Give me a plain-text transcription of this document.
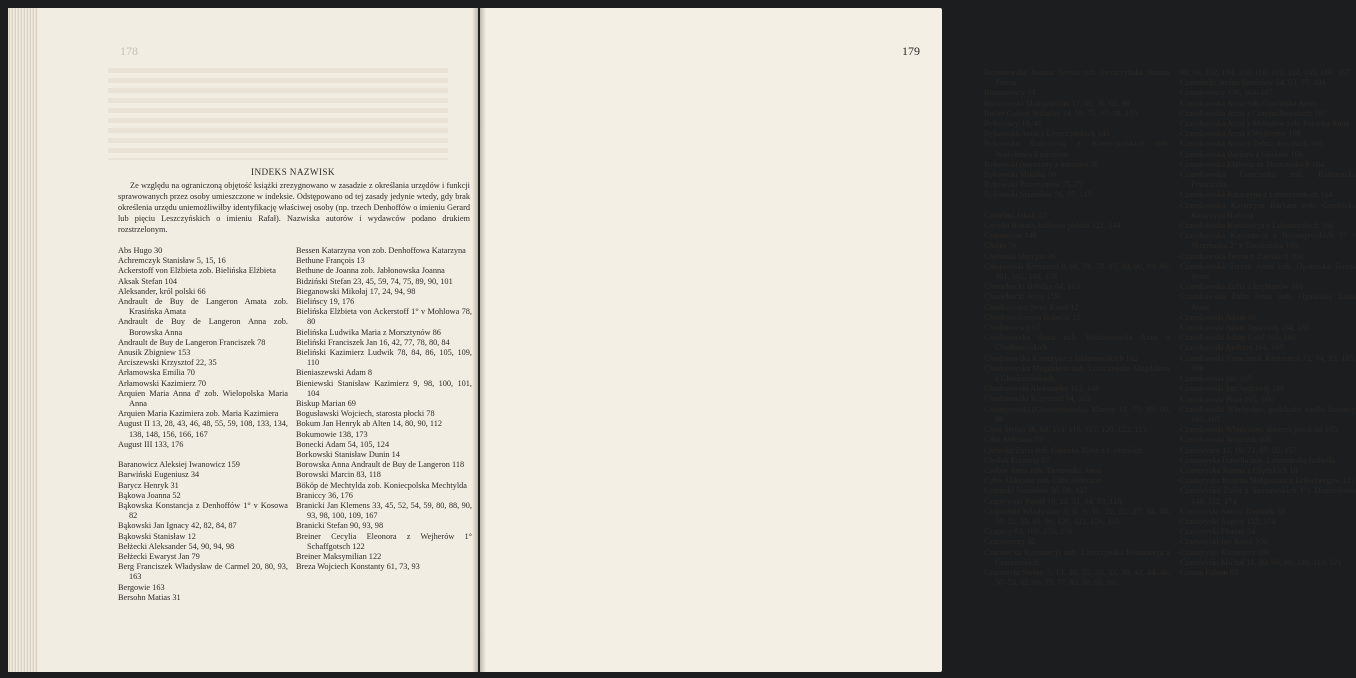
178
INDEKS NAZWISK
Ze względu na ograniczoną objętość książki zrezygnowano w zasadzie z określania urzędów i funkcji sprawowanych przez osoby umieszczone w indeksie. Odstępowano od tej zasady jedynie wtedy, gdy brak określenia urzędu uniemożliwiłby identyfikację właściwej osoby (np. trzech Denhoffów o imieniu Gerard lub pięciu Leszczyńskich o imieniu Rafał). Nazwiska autorów i wydawców podano drukiem rozstrzelonym.
Abs Hugo 30
Achremczyk Stanisław 5, 15, 16
Ackerstoff von Elżbieta zob. Bielińska Elżbieta
Aksak Stefan 104
Aleksander, król polski 66
Andrault de Buy de Langeron Amata zob. Krasińska Amata
Andrault de Buy de Langeron Anna zob. Borowska Anna
Andrault de Buy de Langeron Franciszek 78
Anusik Zbigniew 153
Arciszewski Krzysztof 22, 35
Arłamowska Emilia 70
Arłamowski Kazimierz 70
Arquien Maria Anna d' zob. Wielopolska Maria Anna
Arquien Maria Kazimiera zob. Maria Kazimiera
August II 13, 28, 43, 46, 48, 55, 59, 108, 133, 134, 138, 148, 156, 166, 167
August III 133, 176
Baranowicz Aleksiej Iwanowicz 159
Barwiński Eugeniusz 34
Barycz Henryk 31
Bąkowa Joanna 52
Bąkowska Konstancja z Denhoffów 1° v Kosowa 82
Bąkowski Jan Ignacy 42, 82, 84, 87
Bąkowski Stanisław 12
Bełżecki Aleksander 54, 90, 94, 98
Bełżecki Ewaryst Jan 79
Berg Franciszek Władysław de Carmel 20, 80, 93, 163
Bergowie 163
Bersohn Matias 31
Bessen Katarzyna von zob. Denhoffowa Katarzyna
Bethune François 13
Bethune de Joanna zob. Jabłonowska Joanna
Bidziński Stefan 23, 45, 59, 74, 75, 89, 90, 101
Bieganowski Mikołaj 17, 24, 94, 98
Bielińscy 19, 176
Bielińska Elżbieta von Ackerstoff 1° v Mohlowa 78, 80
Bielińska Ludwika Maria z Morsztynów 86
Bieliński Franciszek Jan 16, 42, 77, 78, 80, 84
Bieliński Kazimierz Ludwik 78, 84, 86, 105, 109, 110
Bieniaszewski Adam 8
Bieniewski Stanisław Kazimierz 9, 98, 100, 101, 104
Biskup Marian 69
Bogusławski Wojciech, starosta płocki 78
Bokum Jan Henryk ab Alten 14, 80, 90, 112
Bokumowie 138, 173
Bonecki Adam 54, 105, 124
Borkowski Stanisław Dunin 14
Borowska Anna Andrault de Buy de Langeron 118
Borowski Marcin 83, 118
Bököp de Mechtylda zob. Koniecpolska Mechtylda
Braniccy 36, 176
Branicki Jan Klemens 33, 45, 52, 54, 59, 80, 88, 90, 93, 98, 100, 109, 167
Branicki Stefan 90, 93, 98
Breiner Cecylia Eleonora z Wejherów 1° Schaffgotsch 122
Breiner Maksymilian 122
Breza Wojciech Konstanty 61, 73, 93
179
Brzostowska Joanna Teresa zob. Leszczyńska Joanna Teresa
Brzozowscy 34
Brzozowski Maksymilian 17, 35, 36, 62, 98
Butler Gotard Wilhelm 34, 50, 75, 87, 98, 105
Bykowscy 18, 41
Bykowska Anna z Leszczyńskich 145
Bykowska Eufrozyna z Koniecpolskich zob. Wężykowa Eufrozyna
Bykowski (nieznany z imienia) 76
Bykowski Mikołaj 80
Bykowski Przemysław 75–77
Bykowski Stanisław 76, 77, 145
Cantelmi Jakub 57
Cecylia Renata, królowa polska 121, 144
Cetnerowie 146
Chaim 56
Chełmski Marcjan 36
Chłapowski Krzysztof 8, 66, 71, 78, 87, 88, 90, 93, 96, 101, 102, 168, 176
Chmielnicki Bohdan 64, 103
Chmielnicki Jerzy 159
Chodkiewicz Jerzy Karol 12
Chodkiewiczowa Izabella 12
Chodorowscy 65
Chodorowska Anna zob. Wiśniowiecka Anna z Chodorowskich
Chodorowska Katarzyna z Jabłonowskich 102
Chodorowska Magdalena zob. Leszczyńska Magdalena z Chodorowskich
Chodorowski Aleksander 102, 146
Chodorowski Krzysztof 64, 102
Chomętowski,(Chomentowski) Marcin 18, 77, 89, 90, 98
Ciara Stefan 46, 64, 114, 116, 117, 120, 122, 123
Cibo Alderano 57
Cielecka Zofia zob. Gnińska Zofia z Cieleckich
Cieślak Edmund 87
Csobor Anna zob. Tarnowska Anna
Cybo Alderano zob. Cibo Alderano
Cynarski Stanisław 56, 88, 127
Czaplewski Paweł 16, 23, 31, 64, 83, 118
Czapliński Władysław 5, 6, 9, 11, 22, 25, 27, 34, 48, 50, 52, 53, 65, 96, 120, 121, 126, 135
Czapscy 93, 169, 170, 176
Czarniecczy 42
Czarniecka Konstancja zob. Leszczyńska Konstancja z Czarnieckich
Czarniecki Stefan 7, 13, 20, 25, 29, 33, 38, 42, 44–46, 50–53, 62, 66, 75, 77, 83, 88, 90, 93,
98, 99, 102, 104, 109, 110, 113, 124, 145, 166, 167
Czarniecki Stefan Stanisław 54, 93, 77, 104
Czarnkowscy 138, 164–167
Czarnkowska Anna zob. Opalińska Anna
Czarnkowska Anna z Grzymułtowskich 167
Czarnkowska Anna z Mohylów zob. Potocka Anna
Czarnkowska Anna z Wejherów 166
Czarnkowska Anna z Zebrzydowskich 166
Czarnkowska Barbara z Górków 166
Czarnkowska Elżbieta ze Zborowskich 164
Czarnkowska Franciszka zob. Radomicka Franciszka
Czarnkowska Katarzyna z Leszczyńskich 164
Czarnkowska Katarzyna Barbara zob. Gembicka Katarzyna Barbara
Czarnkowska Konstancja z Lubomirskich 166
Czarnkowska Konstancja z Niemojewskich 1° v Skrzetuska 2° v Grudzińska 166
Czarnkowska Teresa z Zaleskich 166
Czarnkowska Teresa Anna zob. Opalińska Teresa Anna
Czarnkowska Zofia z Herburtów 166
Czarnkowska Zofia Anna zob. Opalińska Zofia Anna
Czarnkowski Adam 86
Czarnkowski Adam Sędziwój 164, 165
Czarnkowski Adam Uriel 165, 166
Czarnkowski Andrzej 164, 165
Czarnkowski Franciszek Kazimierz 72, 74, 83, 165, 166
Czarnkowski Jan 165
Czarnkowski Jan Sędziwój 166
Czarnkowski Piotr 165, 166
Czarnkowski Władysław, podskarbi wielki koronny 165–167
Czarnkowski Władysław, starosta pyzdrski 165
Czarnkowski Wojciech 166
Czartoryscy 15, 19, 71, 87, 92, 157
Czartoryska Izabella zob. Lubomirska Izabella
Czartoryska Joanna z Olędzkich 18
Czartoryska Rozyna Małgorzata z Eckenbergów 121
Czartoryska Zofia z Sieniawskich 1°v Denhoffowa 148, 152, 174
Czartoryski Antoni Dominik 63
Czartoryski August 152, 174
Czartoryski Florian 54
Czartoryski Jan Karol 100
Czartoryski Kazimierz 100
Czartoryski Michał 18, 80, 90, 98, 100, 113, 121
Czema Fabian 83
